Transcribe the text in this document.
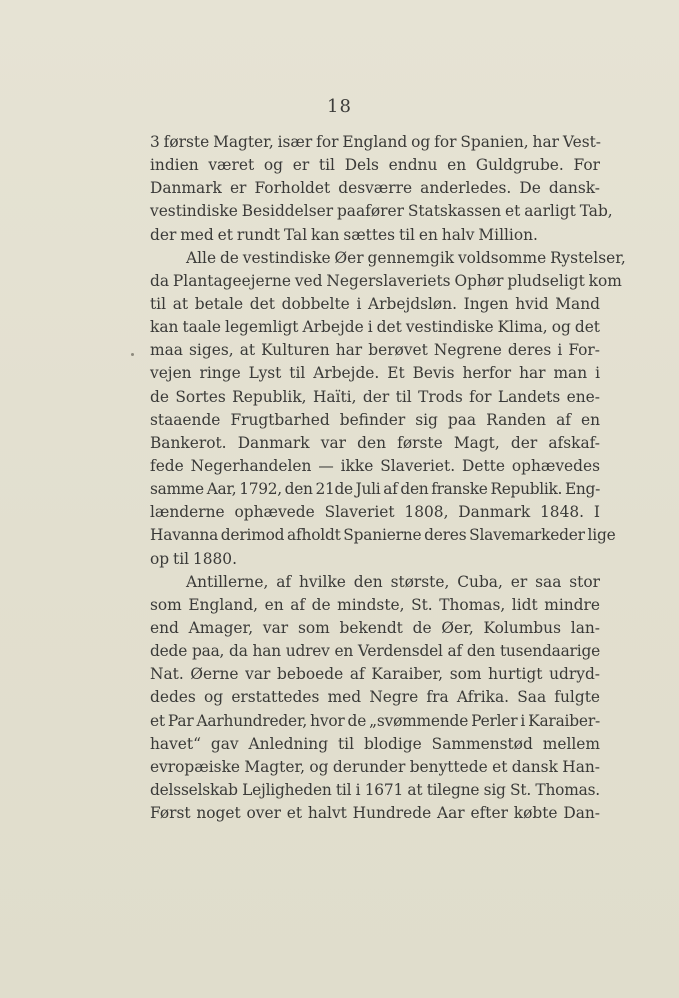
18
3 første Magter, især for England og for Spanien, har Vest-
indien været og er til Dels endnu en Guldgrube. For
Danmark er Forholdet desværre anderledes. De dansk-
vestindiske Besiddelser paafører Statskassen et aarligt Tab,
der med et rundt Tal kan sættes til en halv Million.
Alle de vestindiske Øer gennemgik voldsomme Rystelser,
da Plantageejerne ved Negerslaveriets Ophør pludseligt kom
til at betale det dobbelte i Arbejdsløn. Ingen hvid Mand
kan taale legemligt Arbejde i det vestindiske Klima, og det
maa siges, at Kulturen har berøvet Negrene deres i For-
vejen ringe Lyst til Arbejde. Et Bevis herfor har man i
de Sortes Republik, Haïti, der til Trods for Landets ene-
staaende Frugtbarhed befinder sig paa Randen af en
Bankerot. Danmark var den første Magt, der afskaf-
fede Negerhandelen — ikke Slaveriet. Dette ophævedes
samme Aar, 1792, den 21de Juli af den franske Republik. Eng-
lænderne ophævede Slaveriet 1808, Danmark 1848. I
Havanna derimod afholdt Spanierne deres Slavemarkeder lige
op til 1880.
Antillerne, af hvilke den største, Cuba, er saa stor
som England, en af de mindste, St. Thomas, lidt mindre
end Amager, var som bekendt de Øer, Kolumbus lan-
dede paa, da han udrev en Verdensdel af den tusendaarige
Nat. Øerne var beboede af Karaiber, som hurtigt udryd-
dedes og erstattedes med Negre fra Afrika. Saa fulgte
et Par Aarhundreder, hvor de „svømmende Perler i Karaiber-
havet“ gav Anledning til blodige Sammenstød mellem
evropæiske Magter, og derunder benyttede et dansk Han-
delsselskab Lejligheden til i 1671 at tilegne sig St. Thomas.
Først noget over et halvt Hundrede Aar efter købte Dan-
